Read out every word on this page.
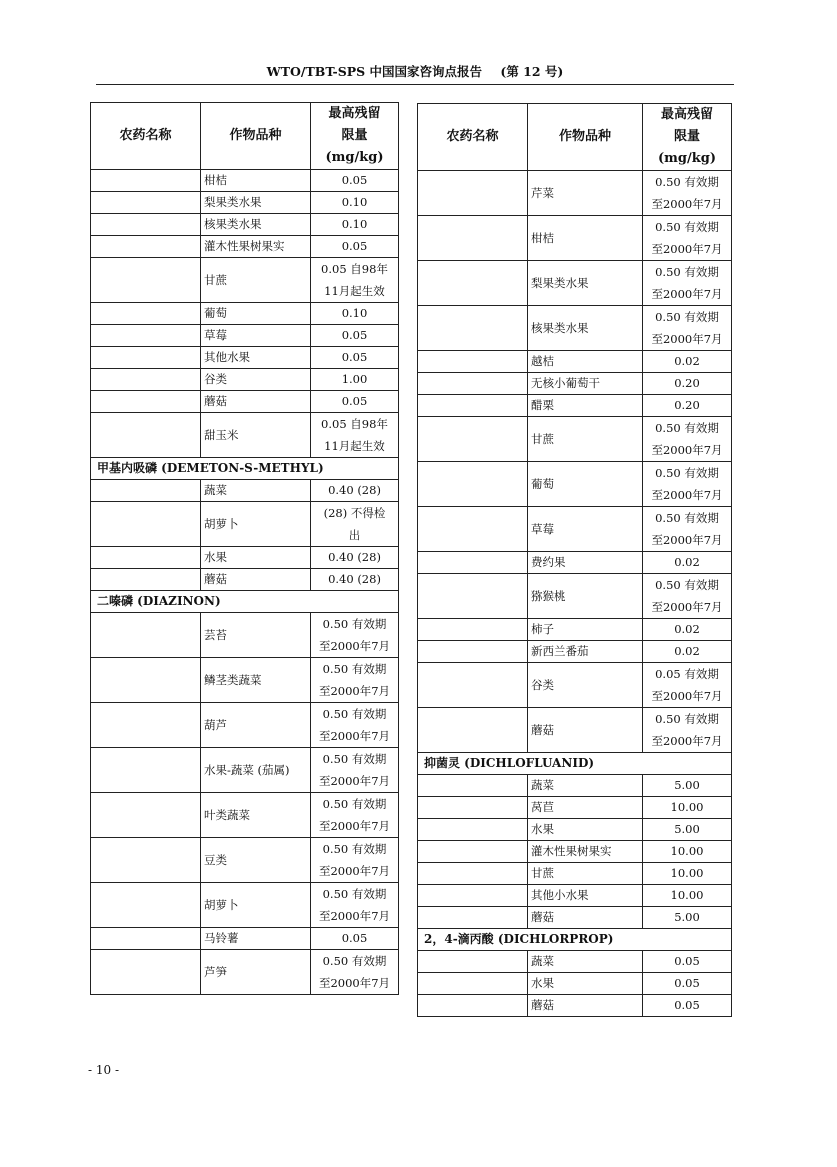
WTO/TBT-SPS 中国国家咨询点报告 (第 12 号)
农药名称	作物品种	最高残留
限量
(mg/kg)

	柑桔	0.05

	梨果类水果	0.10

	核果类水果	0.10

	灌木性果树果实	0.05

	甘蔗	0.05 自98年
11月起生效

	葡萄	0.10

	草莓	0.05

	其他水果	0.05

	谷类	1.00

	蘑菇	0.05

	甜玉米	0.05 自98年
11月起生效

甲基内吸磷 (DEMETON-S-METHYL)		
	蔬菜	0.40 (28)

	胡萝卜	(28) 不得检
出

	水果	0.40 (28)

	蘑菇	0.40 (28)

二嗪磷 (DIAZINON)		
	芸苔	0.50 有效期
至2000年7月

	鳞茎类蔬菜	0.50 有效期
至2000年7月

	葫芦	0.50 有效期
至2000年7月

	水果-蔬菜 (茄属)	0.50 有效期
至2000年7月

	叶类蔬菜	0.50 有效期
至2000年7月

	豆类	0.50 有效期
至2000年7月

	胡萝卜	0.50 有效期
至2000年7月

	马铃薯	0.05

	芦笋	0.50 有效期
至2000年7月
农药名称	作物品种	最高残留
限量
(mg/kg)

	芹菜	0.50 有效期
至2000年7月

	柑桔	0.50 有效期
至2000年7月

	梨果类水果	0.50 有效期
至2000年7月

	核果类水果	0.50 有效期
至2000年7月

	越桔	0.02

	无核小葡萄干	0.20

	醋栗	0.20

	甘蔗	0.50 有效期
至2000年7月

	葡萄	0.50 有效期
至2000年7月

	草莓	0.50 有效期
至2000年7月

	费约果	0.02

	猕猴桃	0.50 有效期
至2000年7月

	柿子	0.02

	新西兰番茄	0.02

	谷类	0.05 有效期
至2000年7月

	蘑菇	0.50 有效期
至2000年7月

抑菌灵 (DICHLOFLUANID)		
	蔬菜	5.00

	莴苣	10.00

	水果	5.00

	灌木性果树果实	10.00

	甘蔗	10.00

	其他小水果	10.00

	蘑菇	5.00

2，4-滴丙酸 (DICHLORPROP)		
	蔬菜	0.05

	水果	0.05

	蘑菇	0.05
- 10 -
